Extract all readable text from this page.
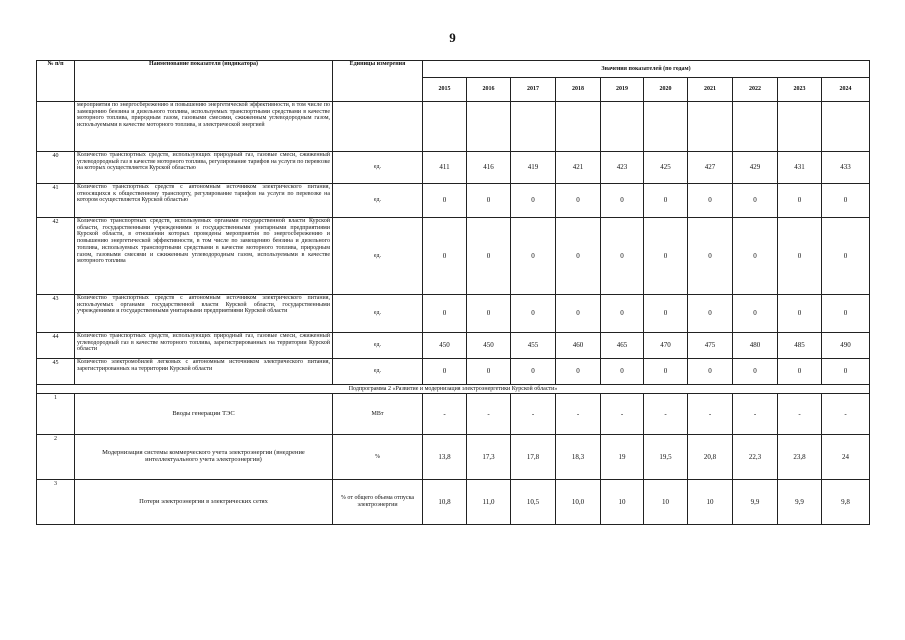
9
№ п/п	Наименование показателя (индикатора)	Единицы измерения	Значения показателей (по годам)									
			2015	2016	2017	2018	2019	2020	2021	2022	2023	2024
	мероприятия по энергосбережению и повышению энергетической эффективности, в том числе по замещению бензина и дизельного топлива, используемых транспортными средствами в качестве моторного топлива, природным газом, газовыми смесями, сжиженным углеводородным газом, используемыми в качестве моторного топлива, и электрической энергией											
40	Количество транспортных средств, использующих природный газ, газовые смеси, сжиженный углеводородный газ в качестве моторного топлива, регулирование тарифов на услуги по перевозке на которых осуществляется Курской областью	ед.	411	416	419	421	423	425	427	429	431	433
41	Количество транспортных средств с автономным источником электрического питания, относящихся к общественному транспорту, регулирование тарифов на услуги по перевозке на котором осуществляется Курской областью	ед.	0	0	0	0	0	0	0	0	0	0
42	Количество транспортных средств, используемых органами государственной власти Курской области, государственными учреждениями и государственными унитарными предприятиями Курской области, в отношении которых проведены мероприятия по энергосбережению и повышению энергетической эффективности, в том числе по замещению бензина и дизельного топлива, используемых транспортными средствами в качестве моторного топлива, природным газом, газовыми смесями и сжиженным углеводородным газом, используемыми в качестве моторного топлива	ед.	0	0	0	0	0	0	0	0	0	0
43	Количество транспортных средств с автономным источником электрического питания, используемых органами государственной власти Курской области, государственными учреждениями и государственными унитарными предприятиями Курской области	ед.	0	0	0	0	0	0	0	0	0	0
44	Количество транспортных средств, использующих природный газ, газовые смеси, сжиженный углеводородный газ в качестве моторного топлива, зарегистрированных на территории Курской области	ед.	450	450	455	460	465	470	475	480	485	490
45	Количество электромобилей легковых с автономным источником электрического питания, зарегистрированных на территории Курской области	ед.	0	0	0	0	0	0	0	0	0	0
Подпрограмма 2 «Развитие и модернизация электроэнергетики Курской области»												
1	Вводы генерации ТЭС	МВт	-	-	-	-	-	-	-	-	-	-
2	Модернизация системы коммерческого учета электроэнергии (внедрение интеллектуального учета электроэнергии)	%	13,8	17,3	17,8	18,3	19	19,5	20,8	22,3	23,8	24
3	Потери электроэнергии в электрических сетях	% от общего объема отпуска электроэнергии	10,8	11,0	10,5	10,0	10	10	10	9,9	9,9	9,8
